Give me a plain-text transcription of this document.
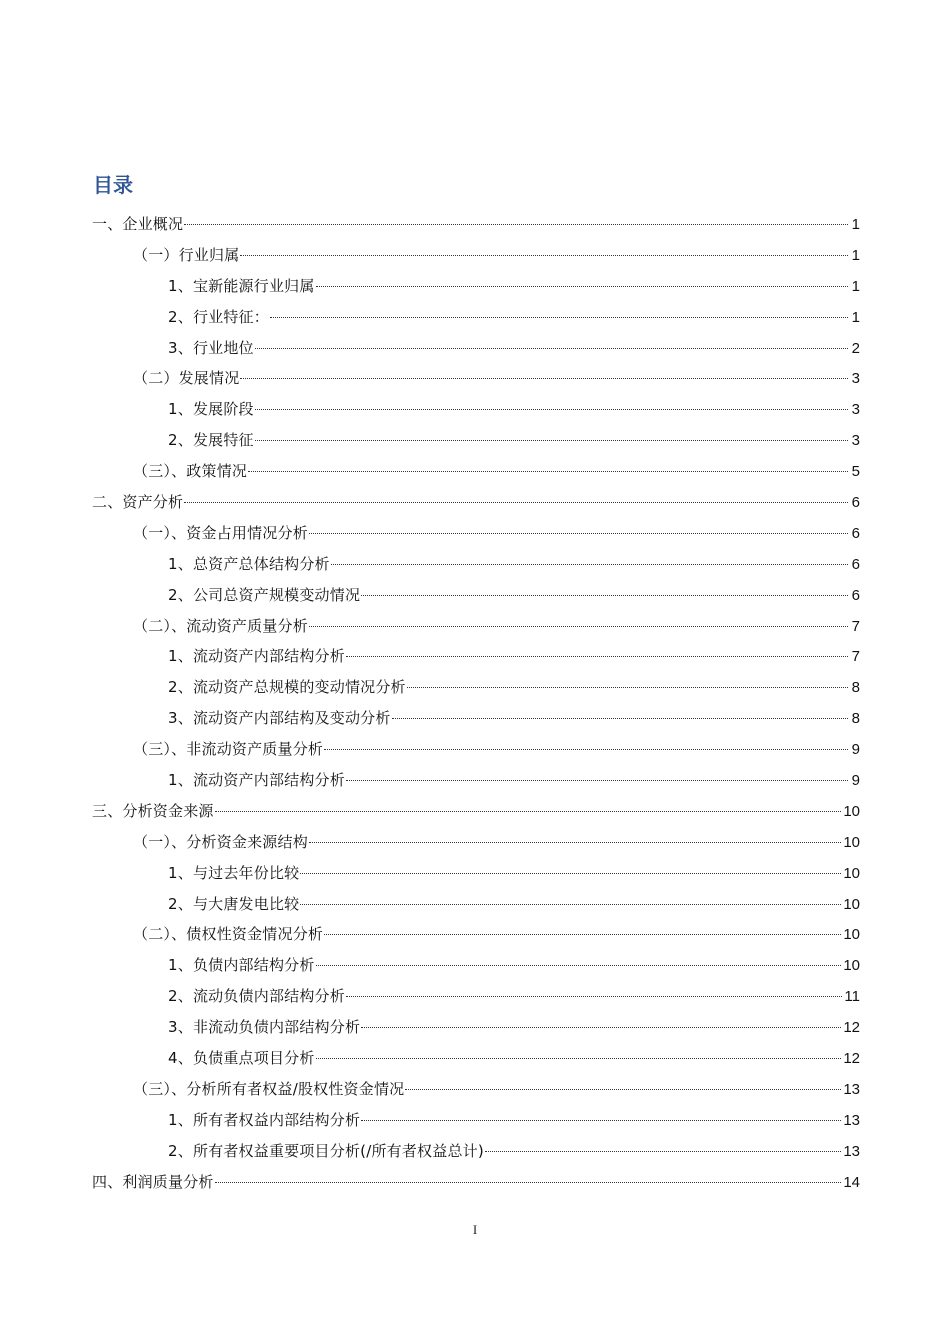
目录
一、企业概况	1
（一）行业归属	1
1、宝新能源行业归属	1
2、行业特征：	1
3、行业地位	2
（二）发展情况	3
1、发展阶段	3
2、发展特征	3
（三）、政策情况	5
二、资产分析	6
（一）、资金占用情况分析	6
1、总资产总体结构分析	6
2、公司总资产规模变动情况	6
（二）、流动资产质量分析	7
1、流动资产内部结构分析	7
2、流动资产总规模的变动情况分析	8
3、流动资产内部结构及变动分析	8
（三）、非流动资产质量分析	9
1、流动资产内部结构分析	9
三、分析资金来源	10
（一）、分析资金来源结构	10
1、与过去年份比较	10
2、与大唐发电比较	10
（二）、债权性资金情况分析	10
1、负债内部结构分析	10
2、流动负债内部结构分析	11
3、非流动负债内部结构分析	12
4、负债重点项目分析	12
（三）、分析所有者权益/股权性资金情况	13
1、所有者权益内部结构分析	13
2、所有者权益重要项目分析(/所有者权益总计)	13
四、利润质量分析	14
I
